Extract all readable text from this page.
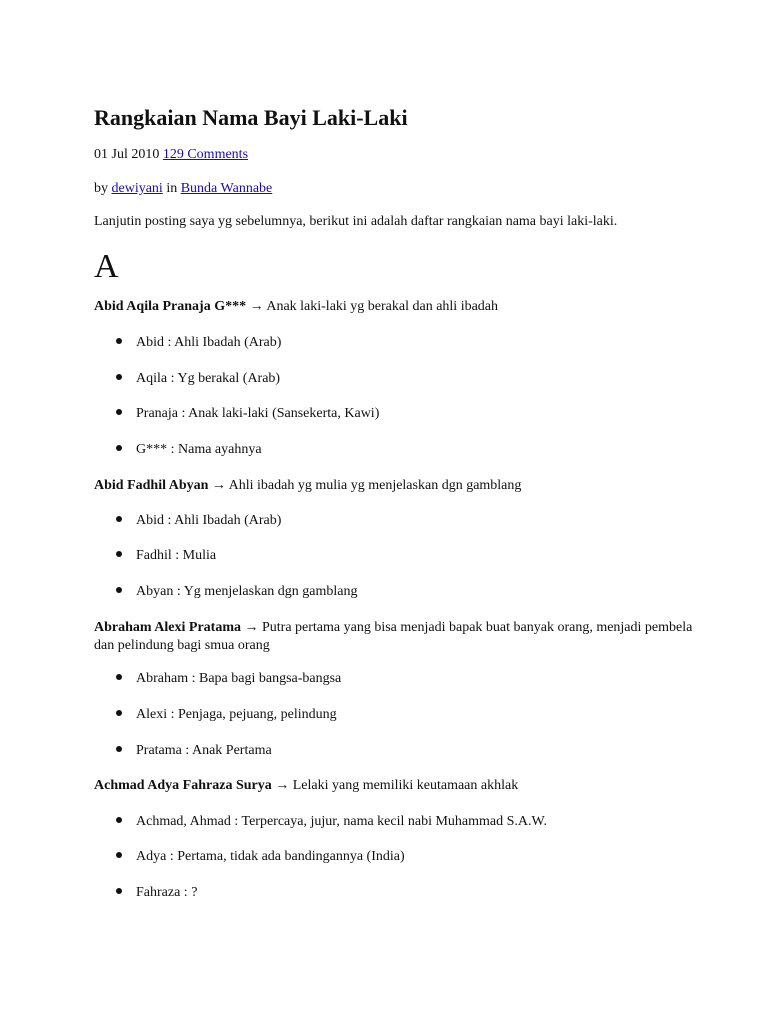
Rangkaian Nama Bayi Laki-Laki

01 Jul 2010 129 Comments

by dewiyani in Bunda Wannabe

Lanjutin posting saya yg sebelumnya, berikut ini adalah daftar rangkaian nama bayi laki-laki.

A

Abid Aqila Pranaja G*** → Anak laki-laki yg berakal dan ahli ibadah

Abid : Ahli Ibadah (Arab)

Aqila : Yg berakal (Arab)

Pranaja : Anak laki-laki (Sansekerta, Kawi)

G*** : Nama ayahnya

Abid Fadhil Abyan → Ahli ibadah yg mulia yg menjelaskan dgn gamblang

Abid : Ahli Ibadah (Arab)

Fadhil : Mulia

Abyan : Yg menjelaskan dgn gamblang

Abraham Alexi Pratama → Putra pertama yang bisa menjadi bapak buat banyak orang, menjadi pembela dan pelindung bagi smua orang

Abraham : Bapa bagi bangsa-bangsa

Alexi : Penjaga, pejuang, pelindung

Pratama : Anak Pertama

Achmad Adya Fahraza Surya → Lelaki yang memiliki keutamaan akhlak

Achmad, Ahmad : Terpercaya, jujur, nama kecil nabi Muhammad S.A.W.

Adya : Pertama, tidak ada bandingannya (India)

Fahraza : ?
